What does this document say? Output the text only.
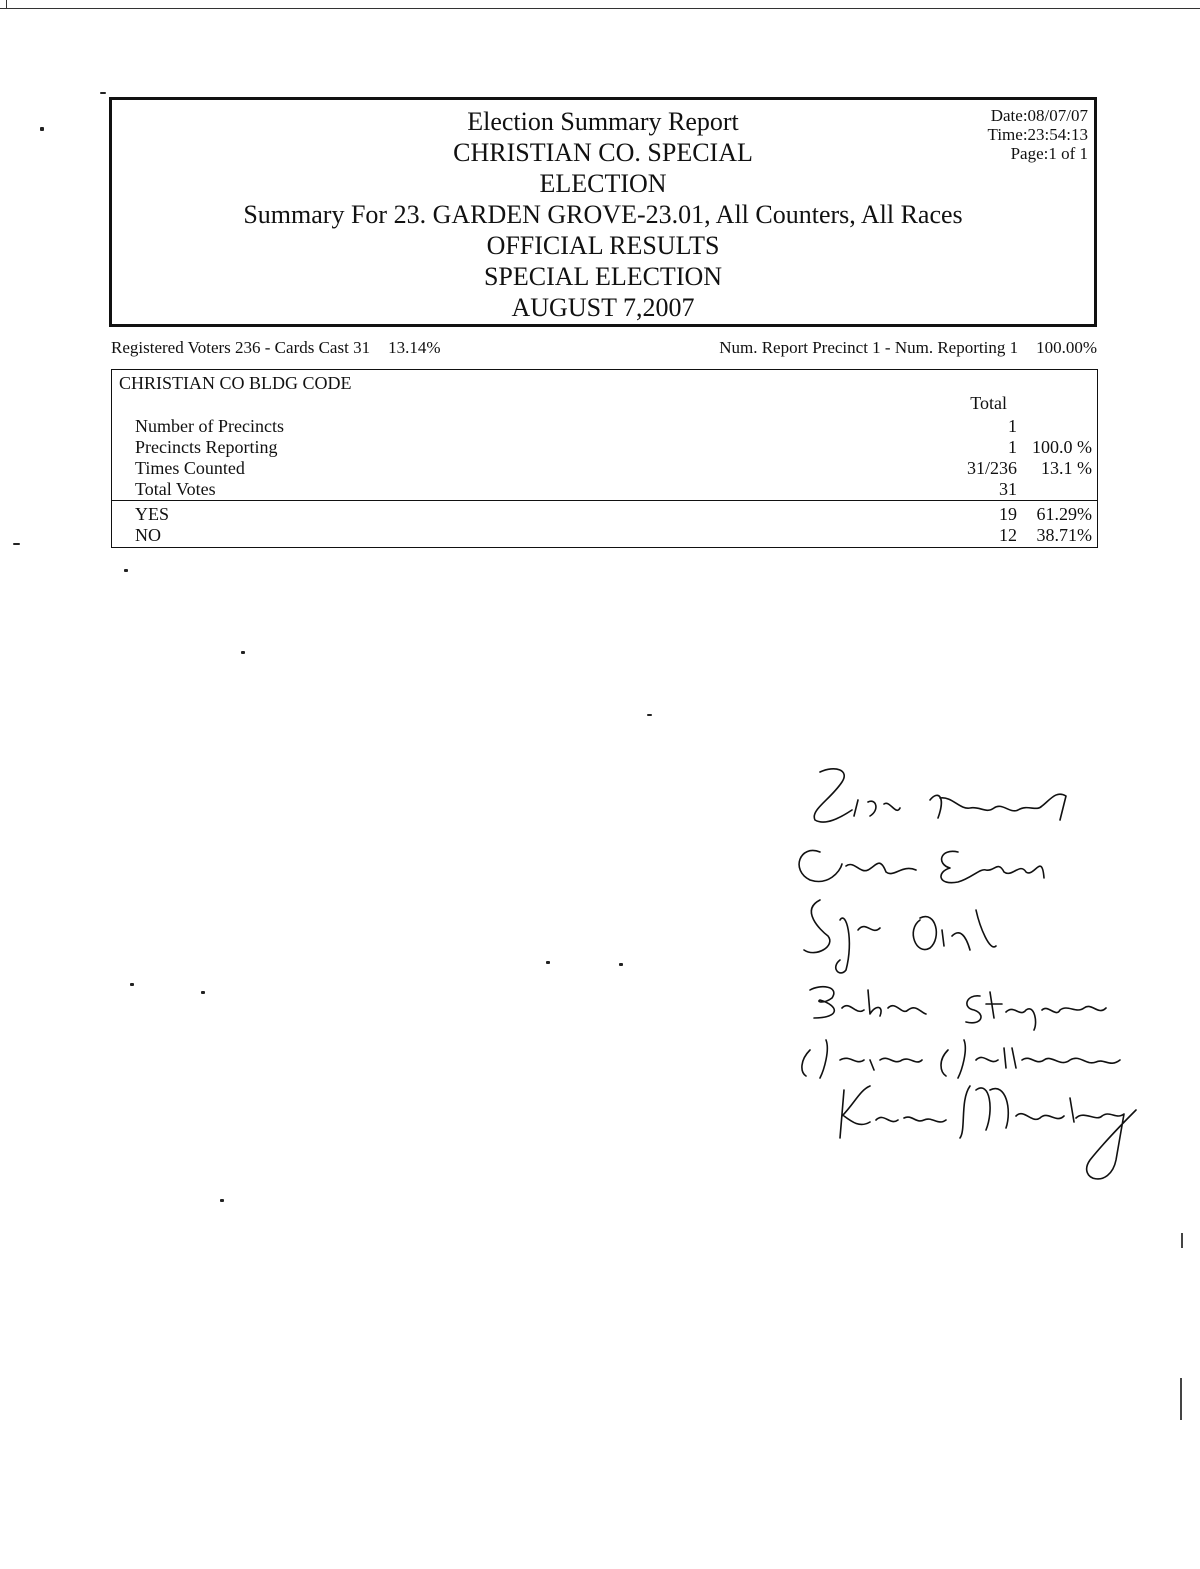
Election Summary Report
CHRISTIAN CO. SPECIAL
ELECTION
Summary For 23. GARDEN GROVE-23.01, All Counters, All Races
OFFICIAL RESULTS
SPECIAL ELECTION
AUGUST 7,2007
Date:08/07/07
Time:23:54:13
Page:1 of 1
Registered Voters 236 - Cards Cast 31 13.14%	Num. Report Precinct 1 - Num. Reporting 1 100.00%
CHRISTIAN CO BLDG CODE
Total
Number of Precincts	1
Precincts Reporting	1 100.0 %
Times Counted	31/236 13.1 %
Total Votes	31
YES	19 61.29%
NO	12 38.71%
